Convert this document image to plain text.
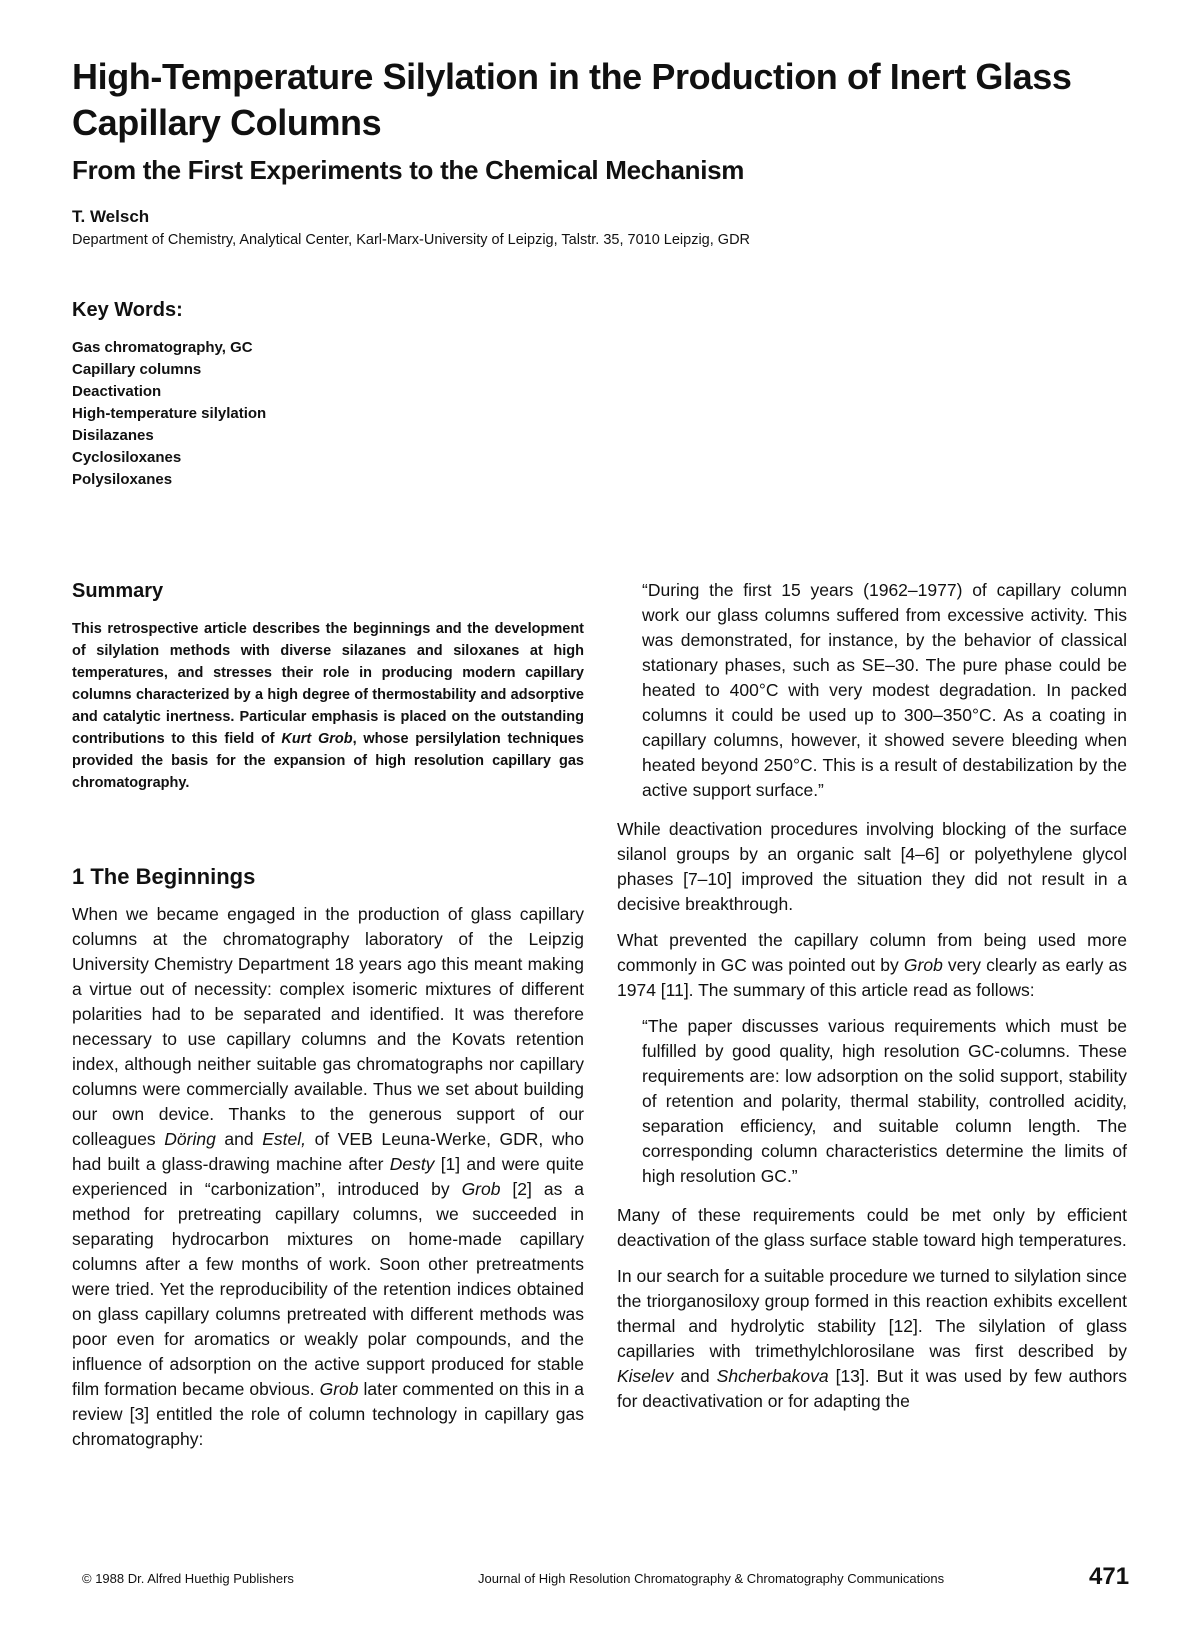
High-Temperature Silylation in the Production of Inert Glass Capillary Columns
From the First Experiments to the Chemical Mechanism
T. Welsch
Department of Chemistry, Analytical Center, Karl-Marx-University of Leipzig, Talstr. 35, 7010 Leipzig, GDR
Key Words:
Gas chromatography, GC
Capillary columns
Deactivation
High-temperature silylation
Disilazanes
Cyclosiloxanes
Polysiloxanes
Summary

This retrospective article describes the beginnings and the development of silylation methods with diverse silazanes and siloxanes at high temperatures, and stresses their role in producing modern capillary columns characterized by a high degree of thermostability and adsorptive and catalytic inertness. Particular emphasis is placed on the outstanding contributions to this field of Kurt Grob, whose persilylation techniques provided the basis for the expansion of high resolution capillary gas chromatography.

1 The Beginnings

When we became engaged in the production of glass capillary columns at the chromatography laboratory of the Leipzig University Chemistry Department 18 years ago this meant making a virtue out of necessity: complex isomeric mixtures of different polarities had to be separated and identified. It was therefore necessary to use capillary columns and the Kovats retention index, although neither suitable gas chromatographs nor capillary columns were commercially available. Thus we set about building our own device. Thanks to the generous support of our colleagues Döring and Estel, of VEB Leuna-Werke, GDR, who had built a glass-drawing machine after Desty [1] and were quite experienced in “carbonization”, introduced by Grob [2] as a method for pretreating capillary columns, we succeeded in separating hydrocarbon mixtures on home-made capillary columns after a few months of work. Soon other pretreatments were tried. Yet the reproducibility of the retention indices obtained on glass capillary columns pretreated with different methods was poor even for aromatics or weakly polar compounds, and the influence of adsorption on the active support produced for stable film formation became obvious. Grob later commented on this in a review [3] entitled the role of column technology in capillary gas chromatography:

“During the first 15 years (1962–1977) of capillary column work our glass columns suffered from excessive activity. This was demonstrated, for instance, by the behavior of classical stationary phases, such as SE–30. The pure phase could be heated to 400°C with very modest degradation. In packed columns it could be used up to 300–350°C. As a coating in capillary columns, however, it showed severe bleeding when heated beyond 250°C. This is a result of destabilization by the active support surface.”

While deactivation procedures involving blocking of the surface silanol groups by an organic salt [4–6] or polyethylene glycol phases [7–10] improved the situation they did not result in a decisive breakthrough.

What prevented the capillary column from being used more commonly in GC was pointed out by Grob very clearly as early as 1974 [11]. The summary of this article read as follows:

“The paper discusses various requirements which must be fulfilled by good quality, high resolution GC-columns. These requirements are: low adsorption on the solid support, stability of retention and polarity, thermal stability, controlled acidity, separation efficiency, and suitable column length. The corresponding column characteristics determine the limits of high resolution GC.”

Many of these requirements could be met only by efficient deactivation of the glass surface stable toward high temperatures.

In our search for a suitable procedure we turned to silylation since the triorganosiloxy group formed in this reaction exhibits excellent thermal and hydrolytic stability [12]. The silylation of glass capillaries with trimethylchlorosilane was first described by Kiselev and Shcherbakova [13]. But it was used by few authors for deactivativation or for adapting the

© 1988 Dr. Alfred Huethig Publishers	Journal of High Resolution Chromatography & Chromatography Communications	471
